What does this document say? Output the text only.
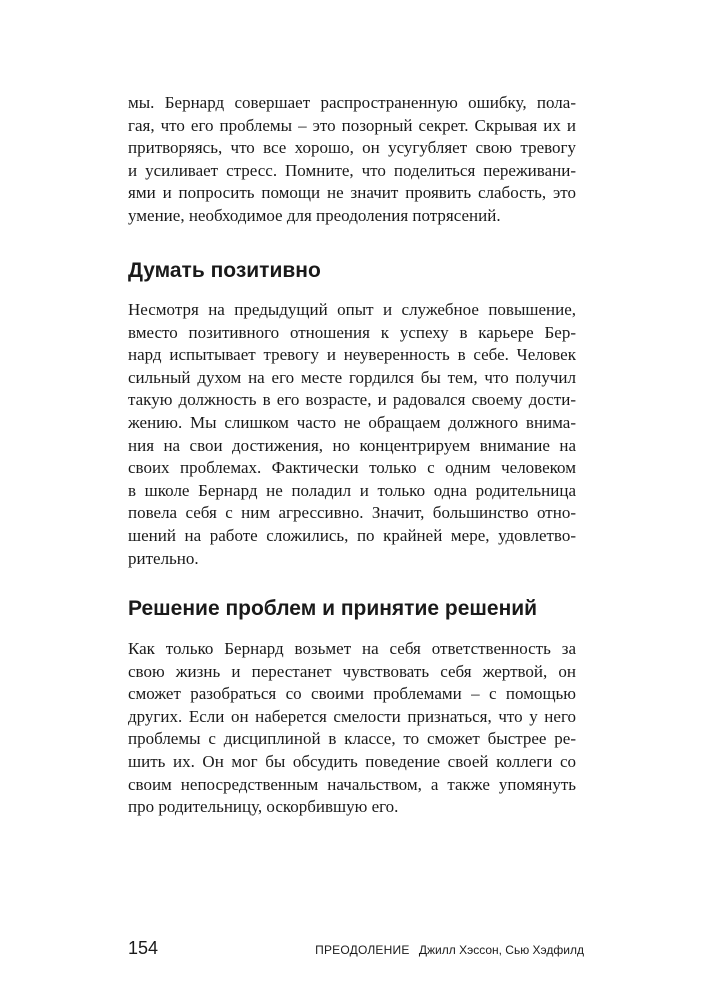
мы. Бернард совершает распространенную ошибку, пола-
гая, что его проблемы – это позорный секрет. Скрывая их и
притворяясь, что все хорошо, он усугубляет свою тревогу
и усиливает стресс. Помните, что поделиться переживани-
ями и попросить помощи не значит проявить слабость, это
умение, необходимое для преодоления потрясений.
Думать позитивно
Несмотря на предыдущий опыт и служебное повышение,
вместо позитивного отношения к успеху в карьере Бер-
нард испытывает тревогу и неуверенность в себе. Человек
сильный духом на его месте гордился бы тем, что получил
такую должность в его возрасте, и радовался своему дости-
жению. Мы слишком часто не обращаем должного внима-
ния на свои достижения, но концентрируем внимание на
своих проблемах. Фактически только с одним человеком
в школе Бернард не поладил и только одна родительница
повела себя с ним агрессивно. Значит, большинство отно-
шений на работе сложились, по крайней мере, удовлетво-
рительно.
Решение проблем и принятие решений
Как только Бернард возьмет на себя ответственность за
свою жизнь и перестанет чувствовать себя жертвой, он
сможет разобраться со своими проблемами – с помощью
других. Если он наберется смелости признаться, что у него
проблемы с дисциплиной в классе, то сможет быстрее ре-
шить их. Он мог бы обсудить поведение своей коллеги со
своим непосредственным начальством, а также упомянуть
про родительницу, оскорбившую его.
154	ПРЕОДОЛЕНИЕ Джилл Хэссон, Сью Хэдфилд
